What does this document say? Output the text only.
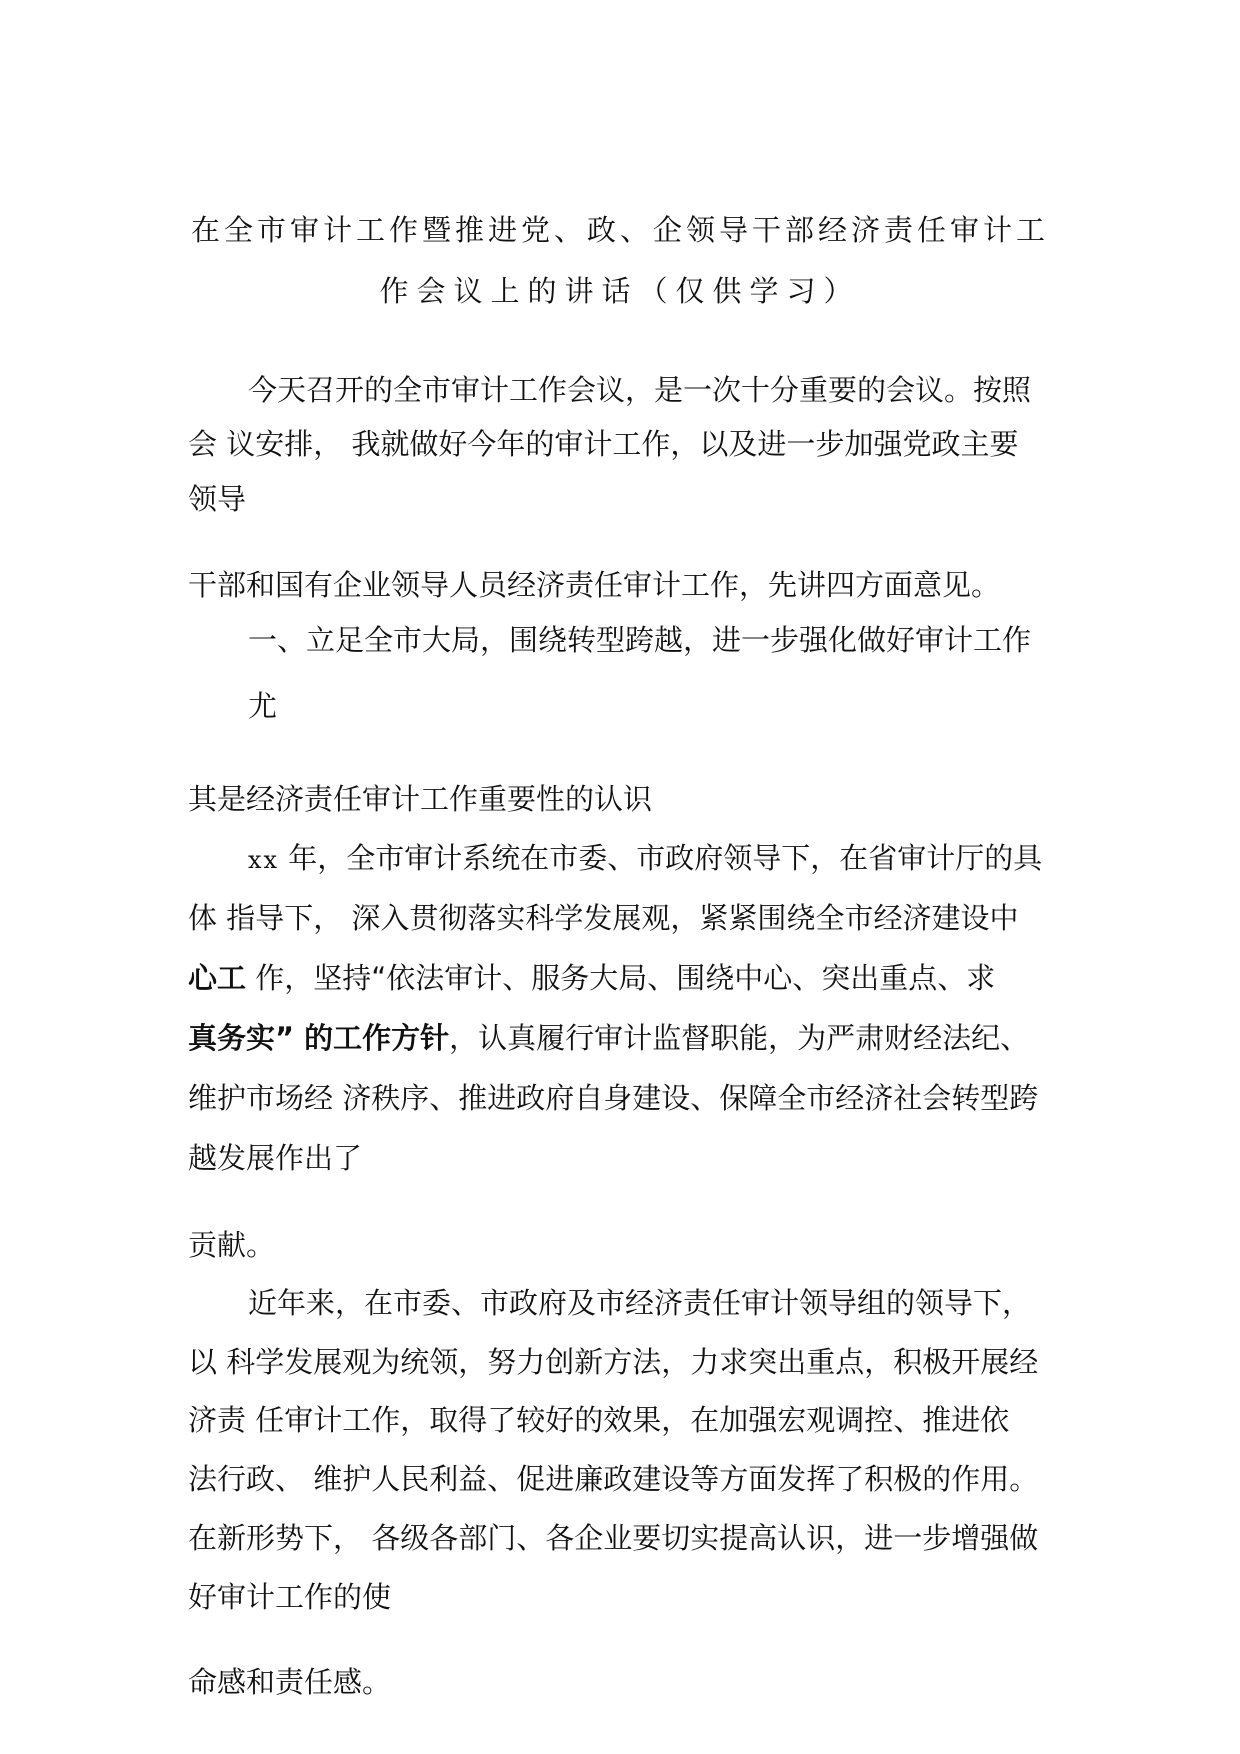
在全市审计工作暨推进党、政、企领导干部经济责任审计工
作会议上的讲话（仅供学习）
今天召开的全市审计工作会议，是一次十分重要的会议。按照
会 议安排， 我就做好今年的审计工作，以及进一步加强党政主要
领导
干部和国有企业领导人员经济责任审计工作，先讲四方面意见。
一、立足全市大局，围绕转型跨越，进一步强化做好审计工作
尤
其是经济责任审计工作重要性的认识
xx 年，全市审计系统在市委、市政府领导下，在省审计厅的具
体 指导下， 深入贯彻落实科学发展观，紧紧围绕全市经济建设中
心工 作，坚持“依法审计、服务大局、围绕中心、突出重点、求
真务实” 的工作方针，认真履行审计监督职能，为严肃财经法纪、
维护市场经 济秩序、推进政府自身建设、保障全市经济社会转型跨
越发展作出了
贡献。
近年来，在市委、市政府及市经济责任审计领导组的领导下，
以 科学发展观为统领，努力创新方法，力求突出重点，积极开展经
济责 任审计工作，取得了较好的效果，在加强宏观调控、推进依
法行政、 维护人民利益、促进廉政建设等方面发挥了积极的作用。
在新形势下， 各级各部门、各企业要切实提高认识，进一步增强做
好审计工作的使
命感和责任感。
